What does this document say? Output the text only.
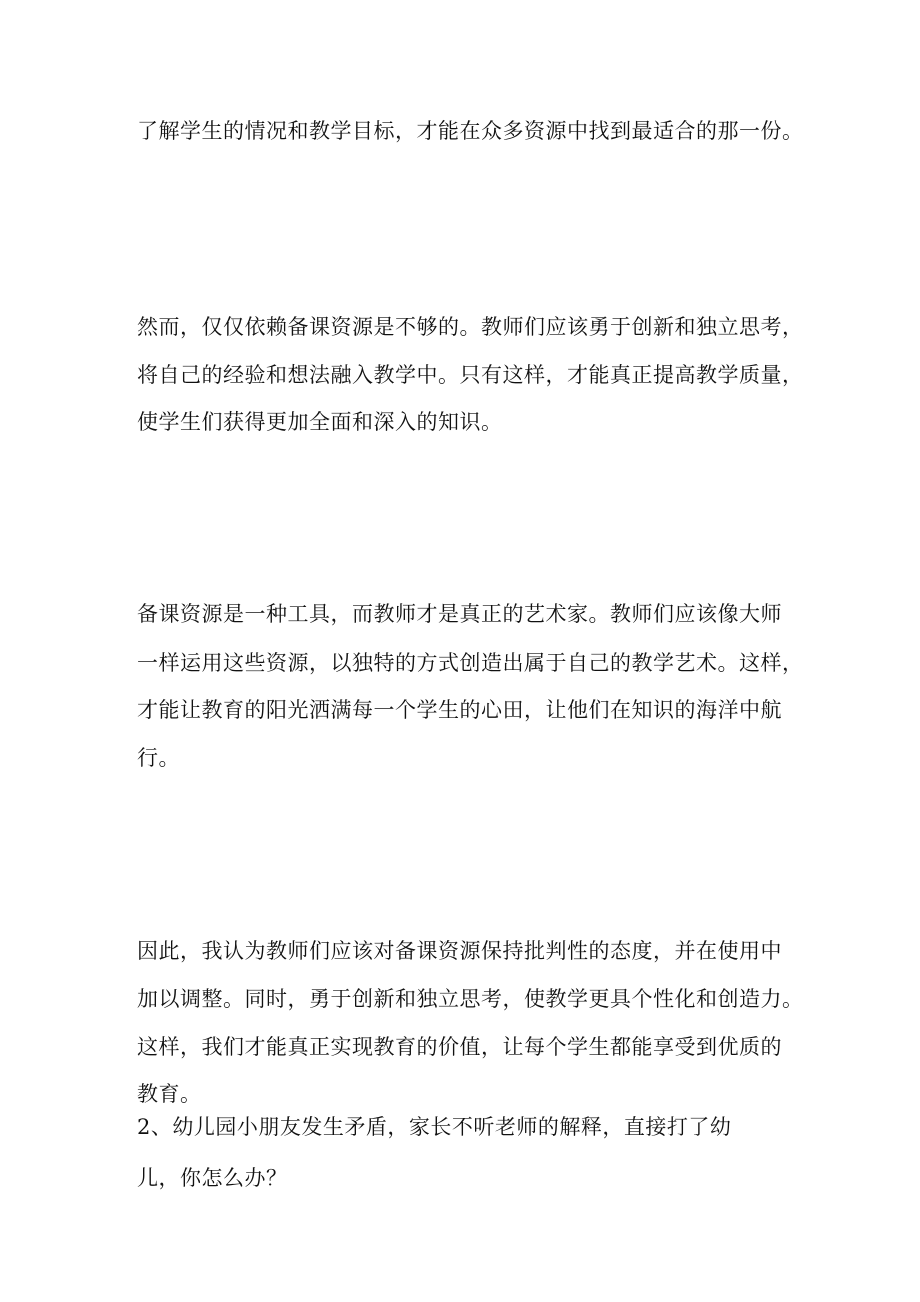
了解学生的情况和教学目标，才能在众多资源中找到最适合的那一份。
然而，仅仅依赖备课资源是不够的。教师们应该勇于创新和独立思考，
将自己的经验和想法融入教学中。只有这样，才能真正提高教学质量，
使学生们获得更加全面和深入的知识。
备课资源是一种工具，而教师才是真正的艺术家。教师们应该像大师
一样运用这些资源，以独特的方式创造出属于自己的教学艺术。这样，
才能让教育的阳光洒满每一个学生的心田，让他们在知识的海洋中航
行。
因此，我认为教师们应该对备课资源保持批判性的态度，并在使用中
加以调整。同时，勇于创新和独立思考，使教学更具个性化和创造力。
这样，我们才能真正实现教育的价值，让每个学生都能享受到优质的
教育。
2、幼儿园小朋友发生矛盾，家长不听老师的解释，直接打了幼
儿，你怎么办？
